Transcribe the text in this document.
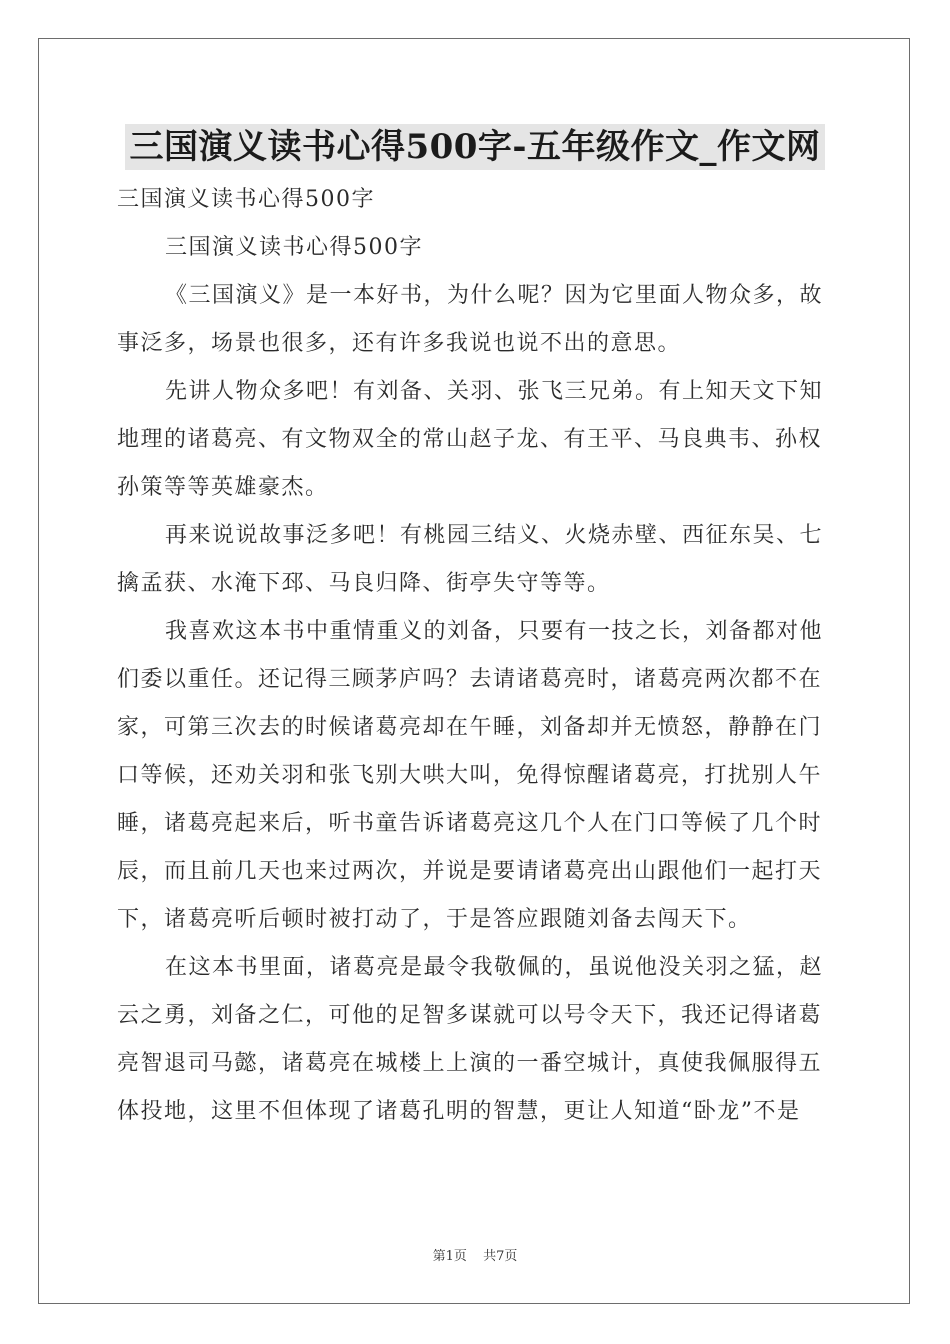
三国演义读书心得500字-五年级作文_作文网
三国演义读书心得500字
三国演义读书心得500字
《三国演义》是一本好书，为什么呢？因为它里面人物众多，故
事泛多，场景也很多，还有许多我说也说不出的意思。
先讲人物众多吧！有刘备、关羽、张飞三兄弟。有上知天文下知
地理的诸葛亮、有文物双全的常山赵子龙、有王平、马良典韦、孙权
孙策等等英雄豪杰。
再来说说故事泛多吧！有桃园三结义、火烧赤壁、西征东吴、七
擒孟获、水淹下邳、马良归降、街亭失守等等。
我喜欢这本书中重情重义的刘备，只要有一技之长，刘备都对他
们委以重任。还记得三顾茅庐吗？去请诸葛亮时，诸葛亮两次都不在
家，可第三次去的时候诸葛亮却在午睡，刘备却并无愤怒，静静在门
口等候，还劝关羽和张飞别大哄大叫，免得惊醒诸葛亮，打扰别人午
睡，诸葛亮起来后，听书童告诉诸葛亮这几个人在门口等候了几个时
辰，而且前几天也来过两次，并说是要请诸葛亮出山跟他们一起打天
下，诸葛亮听后顿时被打动了，于是答应跟随刘备去闯天下。
在这本书里面，诸葛亮是最令我敬佩的，虽说他没关羽之猛，赵
云之勇，刘备之仁，可他的足智多谋就可以号令天下，我还记得诸葛
亮智退司马懿，诸葛亮在城楼上上演的一番空城计，真使我佩服得五
体投地，这里不但体现了诸葛孔明的智慧，更让人知道“卧龙”不是
第1页 共7页
